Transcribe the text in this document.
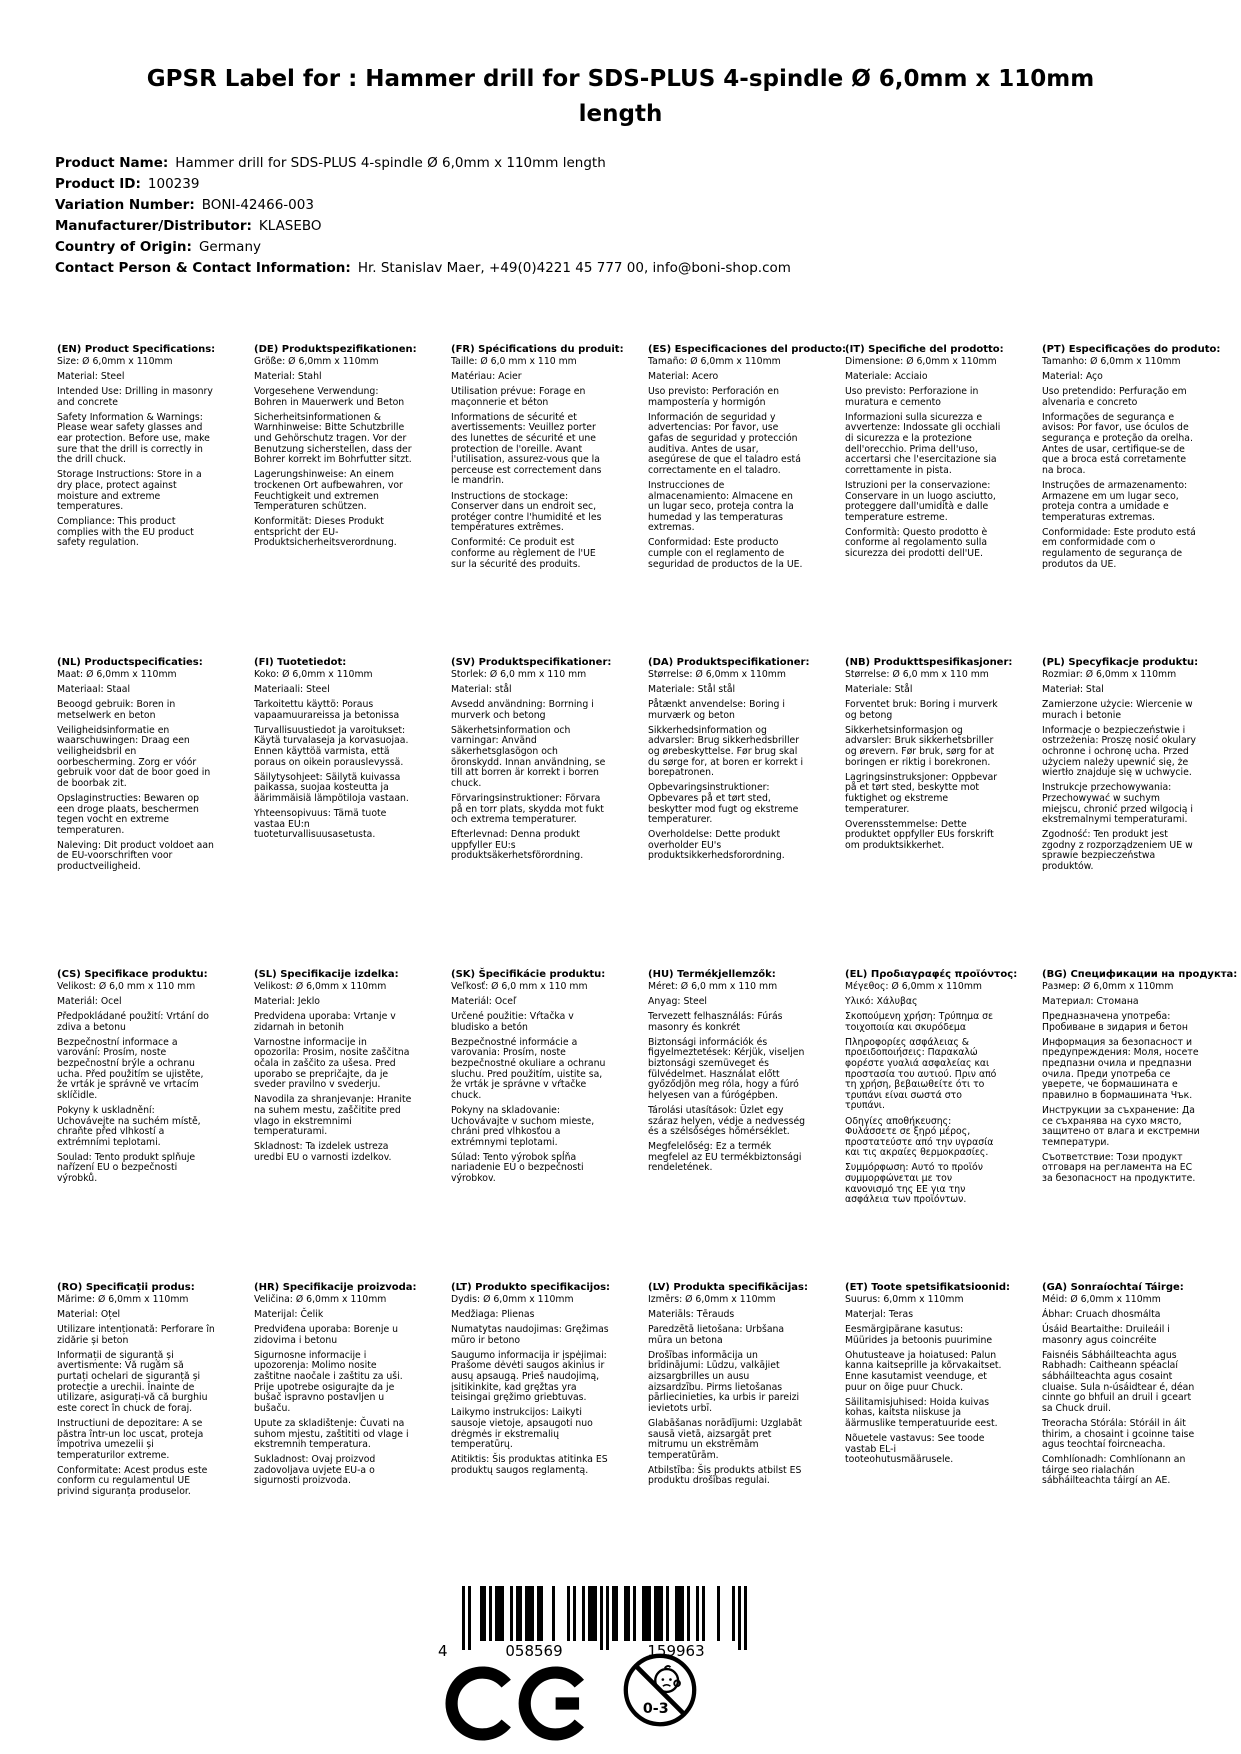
GPSR Label for : Hammer drill for SDS-PLUS 4-spindle Ø 6,0mm x 110mm length
Product Name: Hammer drill for SDS-PLUS 4-spindle Ø 6,0mm x 110mm length
Product ID: 100239
Variation Number: BONI-42466-003
Manufacturer/Distributor: KLASEBO
Country of Origin: Germany
Contact Person & Contact Information: Hr. Stanislav Maer, +49(0)4221 45 777 00, info@boni-shop.com
(EN) Product Specifications:

Size: Ø 6,0mm x 110mm

Material: Steel

Intended Use: Drilling in masonry and concrete

Safety Information & Warnings: Please wear safety glasses and ear protection. Before use, make sure that the drill is correctly in the drill chuck.

Storage Instructions: Store in a dry place, protect against moisture and extreme temperatures.

Compliance: This product complies with the EU product safety regulation.

(DE) Produktspezifikationen:

Größe: Ø 6,0mm x 110mm

Material: Stahl

Vorgesehene Verwendung: Bohren in Mauerwerk und Beton

Sicherheitsinformationen & Warnhinweise: Bitte Schutzbrille und Gehörschutz tragen. Vor der Benutzung sicherstellen, dass der Bohrer korrekt im Bohrfutter sitzt.

Lagerungshinweise: An einem trockenen Ort aufbewahren, vor Feuchtigkeit und extremen Temperaturen schützen.

Konformität: Dieses Produkt entspricht der EU-Produktsicherheitsverordnung.

(FR) Spécifications du produit:

Taille: Ø 6,0 mm x 110 mm

Matériau: Acier

Utilisation prévue: Forage en maçonnerie et béton

Informations de sécurité et avertissements: Veuillez porter des lunettes de sécurité et une protection de l'oreille. Avant l'utilisation, assurez-vous que la perceuse est correctement dans le mandrin.

Instructions de stockage: Conserver dans un endroit sec, protéger contre l'humidité et les températures extrêmes.

Conformité: Ce produit est conforme au règlement de l'UE sur la sécurité des produits.

(ES) Especificaciones del producto:

Tamaño: Ø 6,0mm x 110mm

Material: Acero

Uso previsto: Perforación en mampostería y hormigón

Información de seguridad y advertencias: Por favor, use gafas de seguridad y protección auditiva. Antes de usar, asegúrese de que el taladro está correctamente en el taladro.

Instrucciones de almacenamiento: Almacene en un lugar seco, proteja contra la humedad y las temperaturas extremas.

Conformidad: Este producto cumple con el reglamento de seguridad de productos de la UE.

(IT) Specifiche del prodotto:

Dimensione: Ø 6,0mm x 110mm

Materiale: Acciaio

Uso previsto: Perforazione in muratura e cemento

Informazioni sulla sicurezza e avvertenze: Indossate gli occhiali di sicurezza e la protezione dell'orecchio. Prima dell'uso, accertarsi che l'esercitazione sia correttamente in pista.

Istruzioni per la conservazione: Conservare in un luogo asciutto, proteggere dall'umidità e dalle temperature estreme.

Conformità: Questo prodotto è conforme al regolamento sulla sicurezza dei prodotti dell'UE.

(PT) Especificações do produto:

Tamanho: Ø 6,0mm x 110mm

Material: Aço

Uso pretendido: Perfuração em alvenaria e concreto

Informações de segurança e avisos: Por favor, use óculos de segurança e proteção da orelha. Antes de usar, certifique-se de que a broca está corretamente na broca.

Instruções de armazenamento: Armazene em um lugar seco, proteja contra a umidade e temperaturas extremas.

Conformidade: Este produto está em conformidade com o regulamento de segurança de produtos da UE.

(NL) Productspecificaties:

Maat: Ø 6,0mm x 110mm

Materiaal: Staal

Beoogd gebruik: Boren in metselwerk en beton

Veiligheidsinformatie en waarschuwingen: Draag een veiligheidsbril en oorbescherming. Zorg er vóór gebruik voor dat de boor goed in de boorbak zit.

Opslaginstructies: Bewaren op een droge plaats, beschermen tegen vocht en extreme temperaturen.

Naleving: Dit product voldoet aan de EU-voorschriften voor productveiligheid.

(FI) Tuotetiedot:

Koko: Ø 6,0mm x 110mm

Materiaali: Steel

Tarkoitettu käyttö: Poraus vapaamuurareissa ja betonissa

Turvallisuustiedot ja varoitukset: Käytä turvalaseja ja korvasuojaa. Ennen käyttöä varmista, että poraus on oikein porauslevyssä.

Säilytysohjeet: Säilytä kuivassa paikassa, suojaa kosteutta ja äärimmäisiä lämpötiloja vastaan.

Yhteensopivuus: Tämä tuote vastaa EU:n tuoteturvallisuusasetusta.

(SV) Produktspecifikationer:

Storlek: Ø 6,0 mm x 110 mm

Material: stål

Avsedd användning: Borrning i murverk och betong

Säkerhetsinformation och varningar: Använd säkerhetsglasögon och öronskydd. Innan användning, se till att borren är korrekt i borren chuck.

Förvaringsinstruktioner: Förvara på en torr plats, skydda mot fukt och extrema temperaturer.

Efterlevnad: Denna produkt uppfyller EU:s produktsäkerhetsförordning.

(DA) Produktspecifikationer:

Størrelse: Ø 6,0mm x 110mm

Materiale: Stål stål

Påtænkt anvendelse: Boring i murværk og beton

Sikkerhedsinformation og advarsler: Brug sikkerhedsbriller og ørebeskyttelse. Før brug skal du sørge for, at boren er korrekt i borepatronen.

Opbevaringsinstruktioner: Opbevares på et tørt sted, beskytter mod fugt og ekstreme temperaturer.

Overholdelse: Dette produkt overholder EU's produktsikkerhedsforordning.

(NB) Produkttspesifikasjoner:

Størrelse: Ø 6,0 mm x 110 mm

Materiale: Stål

Forventet bruk: Boring i murverk og betong

Sikkerhetsinformasjon og advarsler: Bruk sikkerhetsbriller og ørevern. Før bruk, sørg for at boringen er riktig i borekronen.

Lagringsinstruksjoner: Oppbevar på et tørt sted, beskytte mot fuktighet og ekstreme temperaturer.

Overensstemmelse: Dette produktet oppfyller EUs forskrift om produktsikkerhet.

(PL) Specyfikacje produktu:

Rozmiar: Ø 6,0mm x 110mm

Materiał: Stal

Zamierzone użycie: Wiercenie w murach i betonie

Informacje o bezpieczeństwie i ostrzeżenia: Proszę nosić okulary ochronne i ochronę ucha. Przed użyciem należy upewnić się, że wiertło znajduje się w uchwycie.

Instrukcje przechowywania: Przechowywać w suchym miejscu, chronić przed wilgocią i ekstremalnymi temperaturami.

Zgodność: Ten produkt jest zgodny z rozporządzeniem UE w sprawie bezpieczeństwa produktów.

(CS) Specifikace produktu:

Velikost: Ø 6,0 mm x 110 mm

Materiál: Ocel

Předpokládané použití: Vrtání do zdiva a betonu

Bezpečnostní informace a varování: Prosím, noste bezpečnostní brýle a ochranu ucha. Před použitím se ujistěte, že vrták je správně ve vrtacím sklíčidle.

Pokyny k uskladnění: Uchovávejte na suchém místě, chraňte před vlhkostí a extrémními teplotami.

Soulad: Tento produkt splňuje nařízení EU o bezpečnosti výrobků.

(SL) Specifikacije izdelka:

Velikost: Ø 6,0mm x 110mm

Material: Jeklo

Predvidena uporaba: Vrtanje v zidarnah in betonih

Varnostne informacije in opozorila: Prosim, nosite zaščitna očala in zaščito za ušesa. Pred uporabo se prepričajte, da je sveder pravilno v svederju.

Navodila za shranjevanje: Hranite na suhem mestu, zaščitite pred vlago in ekstremnimi temperaturami.

Skladnost: Ta izdelek ustreza uredbi EU o varnosti izdelkov.

(SK) Špecifikácie produktu:

Veľkosť: Ø 6,0 mm x 110 mm

Materiál: Oceľ

Určené použitie: Vŕtačka v bludisko a betón

Bezpečnostné informácie a varovania: Prosím, noste bezpečnostné okuliare a ochranu sluchu. Pred použitím, uistite sa, že vrták je správne v vŕtačke chuck.

Pokyny na skladovanie: Uchovávajte v suchom mieste, chráni pred vlhkosťou a extrémnymi teplotami.

Súlad: Tento výrobok spĺňa nariadenie EÚ o bezpečnosti výrobkov.

(HU) Termékjellemzők:

Méret: Ø 6,0 mm x 110 mm

Anyag: Steel

Tervezett felhasználás: Fúrás masonry és konkrét

Biztonsági információk és figyelmeztetések: Kérjük, viseljen biztonsági szemüveget és fülvédelmet. Használat előtt győződjön meg róla, hogy a fúró helyesen van a fúrógépben.

Tárolási utasítások: Üzlet egy száraz helyen, védje a nedvesség és a szélsőséges hőmérséklet.

Megfelelőség: Ez a termék megfelel az EU termékbiztonsági rendeletének.

(EL) Προδιαγραφές προϊόντος:

Μέγεθος: Ø 6,0mm x 110mm

Υλικό: Χάλυβας

Σκοπούμενη χρήση: Τρύπημα σε τοιχοποιία και σκυρόδεμα

Πληροφορίες ασφάλειας & προειδοποιήσεις: Παρακαλώ φορέστε γυαλιά ασφαλείας και προστασία του αυτιού. Πριν από τη χρήση, βεβαιωθείτε ότι το τρυπάνι είναι σωστά στο τρυπάνι.

Οδηγίες αποθήκευσης: Φυλάσσετε σε ξηρό μέρος, προστατεύστε από την υγρασία και τις ακραίες θερμοκρασίες.

Συμμόρφωση: Αυτό το προϊόν συμμορφώνεται με τον κανονισμό της ΕΕ για την ασφάλεια των προϊόντων.

(BG) Спецификации на продукта:

Размер: Ø 6,0mm x 110mm

Материал: Стомана

Предназначена употреба: Пробиване в зидария и бетон

Информация за безопасност и предупреждения: Моля, носете предпазни очила и предпазни очила. Преди употреба се уверете, че бормашината е правилно в бормашината Чък.

Инструкции за съхранение: Да се съхранява на сухо място, защитено от влага и екстремни температури.

Съответствие: Този продукт отговаря на регламента на ЕС за безопасност на продуктите.

(RO) Specificații produs:

Mărime: Ø 6,0mm x 110mm

Material: Oțel

Utilizare intenționată: Perforare în zidărie și beton

Informații de siguranță și avertismente: Vă rugăm să purtați ochelari de siguranță și protecție a urechii. Înainte de utilizare, asigurați-vă că burghiu este corect în chuck de foraj.

Instructiuni de depozitare: A se păstra într-un loc uscat, proteja împotriva umezelii și temperaturilor extreme.

Conformitate: Acest produs este conform cu regulamentul UE privind siguranța produselor.

(HR) Specifikacije proizvoda:

Veličina: Ø 6,0mm x 110mm

Materijal: Čelik

Predviđena uporaba: Borenje u zidovima i betonu

Sigurnosne informacije i upozorenja: Molimo nosite zaštitne naočale i zaštitu za uši. Prije upotrebe osigurajte da je bušač ispravno postavljen u bušaču.

Upute za skladištenje: Čuvati na suhom mjestu, zaštititi od vlage i ekstremnih temperatura.

Sukladnost: Ovaj proizvod zadovoljava uvjete EU-a o sigurnosti proizvoda.

(LT) Produkto specifikacijos:

Dydis: Ø 6,0mm x 110mm

Medžiaga: Plienas

Numatytas naudojimas: Gręžimas mūro ir betono

Saugumo informacija ir įspėjimai: Prašome dėvėti saugos akinius ir ausų apsaugą. Prieš naudojimą, įsitikinkite, kad gręžtas yra teisingai gręžimo griebtuvas.

Laikymo instrukcijos: Laikyti sausoje vietoje, apsaugoti nuo drėgmės ir ekstremalių temperatūrų.

Atitiktis: Šis produktas atitinka ES produktų saugos reglamentą.

(LV) Produkta specifikācijas:

Izmērs: Ø 6,0mm x 110mm

Materiāls: Tērauds

Paredzētā lietošana: Urbšana mūra un betona

Drošības informācija un brīdinājumi: Lūdzu, valkājiet aizsargbrilles un ausu aizsardzību. Pirms lietošanas pārliecinieties, ka urbis ir pareizi ievietots urbī.

Glabāšanas norādījumi: Uzglabāt sausā vietā, aizsargāt pret mitrumu un ekstrēmām temperatūrām.

Atbilstība: Šis produkts atbilst ES produktu drošības regulai.

(ET) Toote spetsifikatsioonid:

Suurus: 6,0mm x 110mm

Materjal: Teras

Eesmärgipärane kasutus: Müürides ja betoonis puurimine

Ohutusteave ja hoiatused: Palun kanna kaitseprille ja kõrvakaitset. Enne kasutamist veenduge, et puur on õige puur Chuck.

Säilitamisjuhised: Hoida kuivas kohas, kaitsta niiskuse ja äärmuslike temperatuuride eest.

Nõuetele vastavus: See toode vastab EL-i tooteohutusmäärusele.

(GA) Sonraíochtaí Táirge:

Méid: Ø 6,0mm x 110mm

Ábhar: Cruach dhosmálta

Úsáid Beartaithe: Druileáil i masonry agus coincréite

Faisnéis Sábháilteachta agus Rabhadh: Caitheann spéaclaí sábháilteachta agus cosaint cluaise. Sula n-úsáidtear é, déan cinnte go bhfuil an druil i gceart sa Chuck druil.

Treoracha Stórála: Stóráil in áit thirim, a chosaint i gcoinne taise agus teochtaí foircneacha.

Comhlíonadh: Comhlíonann an táirge seo rialachán sábháilteachta táirgí an AE.

4	058569	159963
0-3
